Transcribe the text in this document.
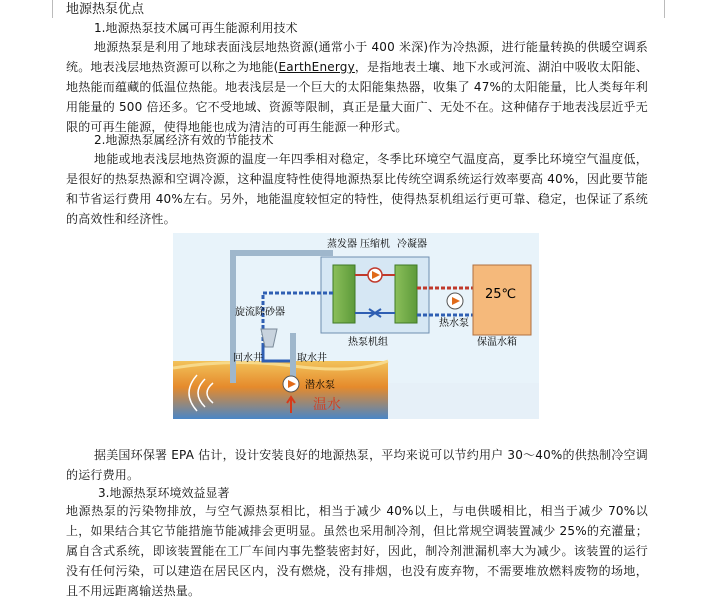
地源热泵优点
1.地源热泵技术属可再生能源利用技术
地源热泵是利用了地球表面浅层地热资源(通常小于 400 米深)作为冷热源，进行能量转换的供暖空调系统。地表浅层地热资源可以称之为地能(EarthEnergy，是指地表土壤、地下水或河流、湖泊中吸收太阳能、地热能而蕴藏的低温位热能。地表浅层是一个巨大的太阳能集热器，收集了 47%的太阳能量，比人类每年利用能量的 500 倍还多。它不受地域、资源等限制，真正是量大面广、无处不在。这种储存于地表浅层近乎无限的可再生能源，使得地能也成为清洁的可再生能源一种形式。
2.地源热泵属经济有效的节能技术
地能或地表浅层地热资源的温度一年四季相对稳定，冬季比环境空气温度高，夏季比环境空气温度低，是很好的热泵热源和空调冷源，这种温度特性使得地源热泵比传统空调系统运行效率要高 40%，因此要节能和节省运行费用 40%左右。另外，地能温度较恒定的特性，使得热泵机组运行更可靠、稳定，也保证了系统的高效性和经济性。
蒸发器 压缩机 冷凝器
热泵机组
热水泵
25℃
保温水箱
旋流除砂器
回水井	取水井
潜水泵
温水
据美国环保署 EPA 估计，设计安装良好的地源热泵，平均来说可以节约用户 30～40%的供热制冷空调的运行费用。
3.地源热泵环境效益显著
地源热泵的污染物排放，与空气源热泵相比，相当于减少 40%以上，与电供暖相比，相当于减少 70%以上，如果结合其它节能措施节能减排会更明显。虽然也采用制冷剂，但比常规空调装置减少 25%的充灌量；属自含式系统，即该装置能在工厂车间内事先整装密封好，因此，制冷剂泄漏机率大为减少。该装置的运行没有任何污染，可以建造在居民区内，没有燃烧，没有排烟，也没有废弃物，不需要堆放燃料废物的场地，且不用远距离输送热量。
